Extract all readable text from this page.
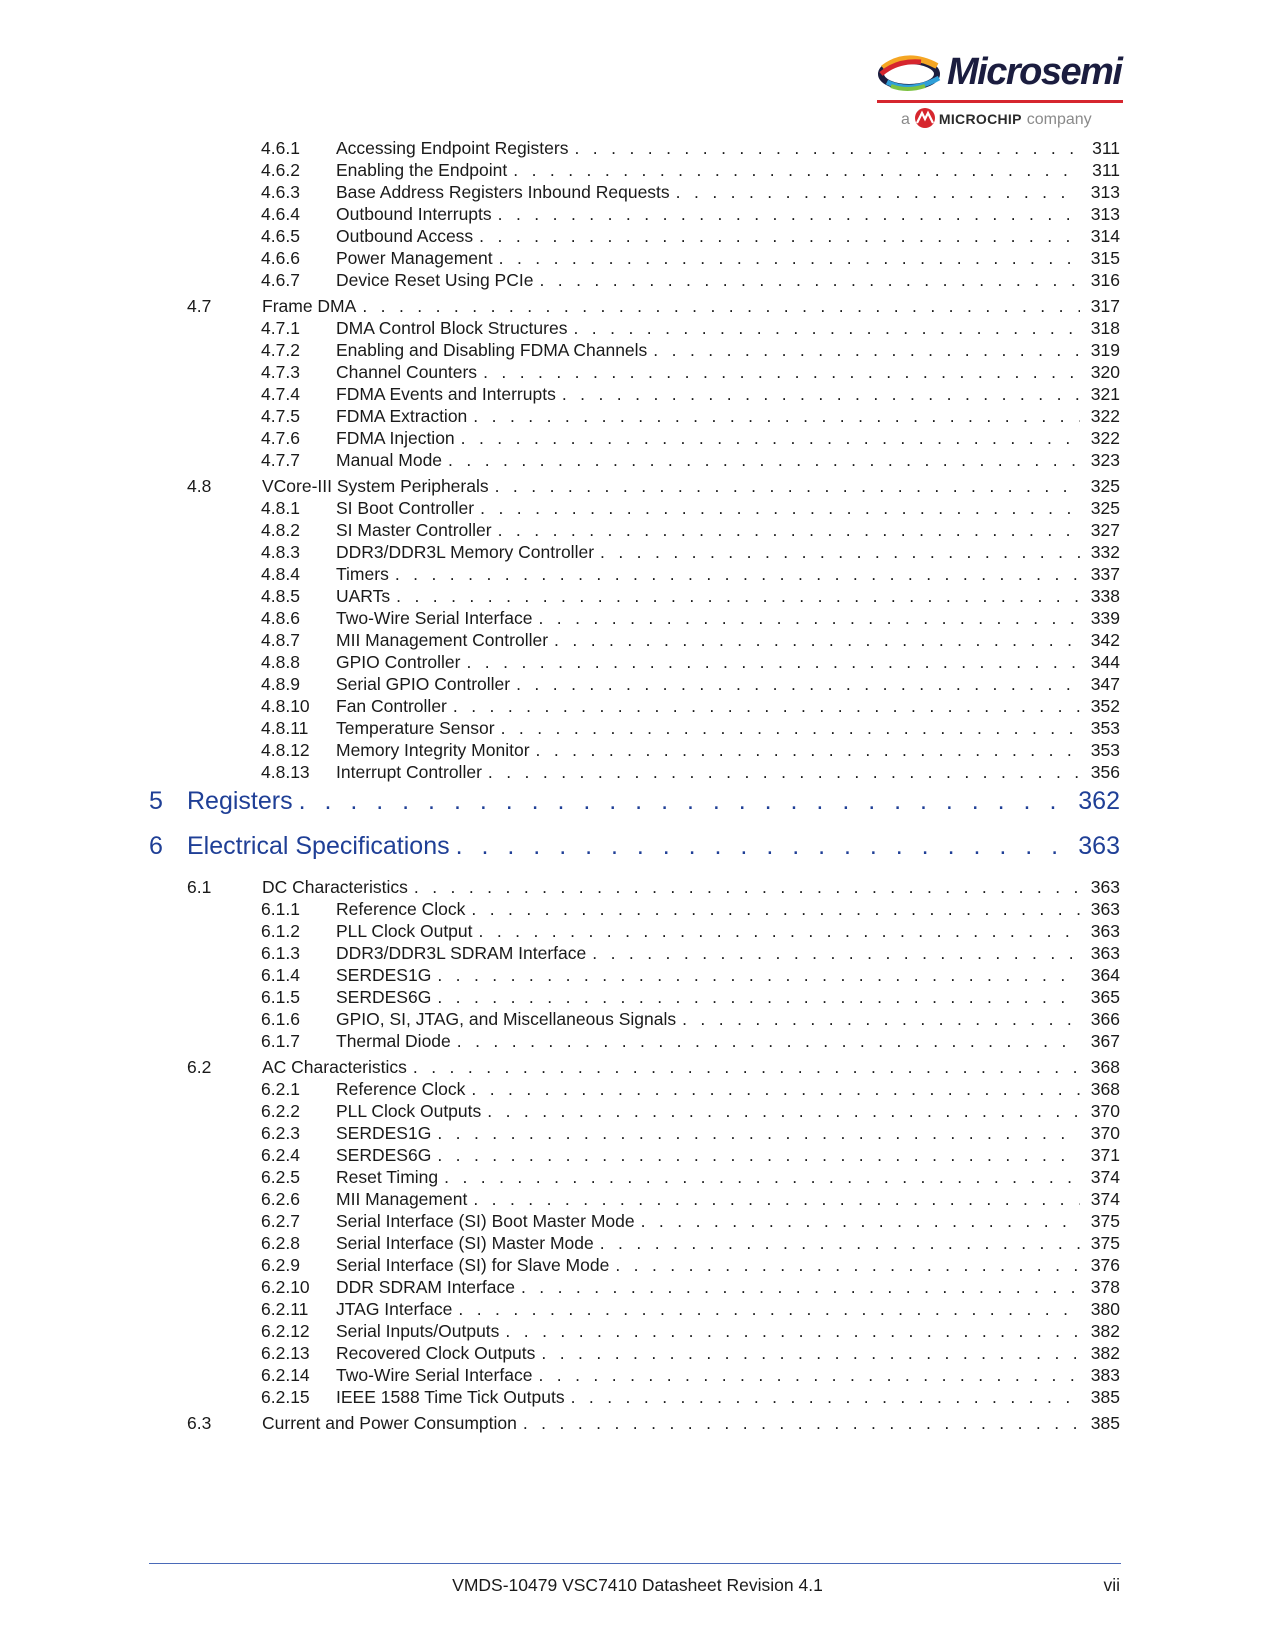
Microsemi
a MICROCHIP company
4.6.1 Accessing Endpoint Registers . . .	311
4.6.2 Enabling the Endpoint . . .	311
4.6.3 Base Address Registers Inbound Requests . . .	313
4.6.4 Outbound Interrupts . . .	313
4.6.5 Outbound Access . . .	314
4.6.6 Power Management . . .	315
4.6.7 Device Reset Using PCIe . . .	316
4.7	Frame DMA . . .	317
4.7.1 DMA Control Block Structures . . .	318
4.7.2 Enabling and Disabling FDMA Channels . . .	319
4.7.3 Channel Counters . . .	320
4.7.4 FDMA Events and Interrupts . . .	321
4.7.5 FDMA Extraction . . .	322
4.7.6 FDMA Injection . . .	322
4.7.7 Manual Mode . . .	323
4.8	VCore-III System Peripherals . . .	325
4.8.1 SI Boot Controller . . .	325
4.8.2 SI Master Controller . . .	327
4.8.3 DDR3/DDR3L Memory Controller . . .	332
4.8.4 Timers . . .	337
4.8.5 UARTs . . .	338
4.8.6 Two-Wire Serial Interface . . .	339
4.8.7 MII Management Controller . . .	342
4.8.8 GPIO Controller . . .	344
4.8.9 Serial GPIO Controller . . .	347
4.8.10 Fan Controller . . .	352
4.8.11 Temperature Sensor . . .	353
4.8.12 Memory Integrity Monitor . . .	353
4.8.13 Interrupt Controller . . .	356
5 Registers . . .	362
6 Electrical Specifications . . .	363
6.1	DC Characteristics . . .	363
6.1.1 Reference Clock . . .	363
6.1.2 PLL Clock Output . . .	363
6.1.3 DDR3/DDR3L SDRAM Interface . . .	363
6.1.4 SERDES1G . . .	364
6.1.5 SERDES6G . . .	365
6.1.6 GPIO, SI, JTAG, and Miscellaneous Signals . . .	366
6.1.7 Thermal Diode . . .	367
6.2	AC Characteristics . . .	368
6.2.1 Reference Clock . . .	368
6.2.2 PLL Clock Outputs . . .	370
6.2.3 SERDES1G . . .	370
6.2.4 SERDES6G . . .	371
6.2.5 Reset Timing . . .	374
6.2.6 MII Management . . .	374
6.2.7 Serial Interface (SI) Boot Master Mode . . .	375
6.2.8 Serial Interface (SI) Master Mode . . .	375
6.2.9 Serial Interface (SI) for Slave Mode . . .	376
6.2.10 DDR SDRAM Interface . . .	378
6.2.11 JTAG Interface . . .	380
6.2.12 Serial Inputs/Outputs . . .	382
6.2.13 Recovered Clock Outputs . . .	382
6.2.14 Two-Wire Serial Interface . . .	383
6.2.15 IEEE 1588 Time Tick Outputs . . .	385
6.3	Current and Power Consumption . . .	385
VMDS-10479 VSC7410 Datasheet Revision 4.1	vii
